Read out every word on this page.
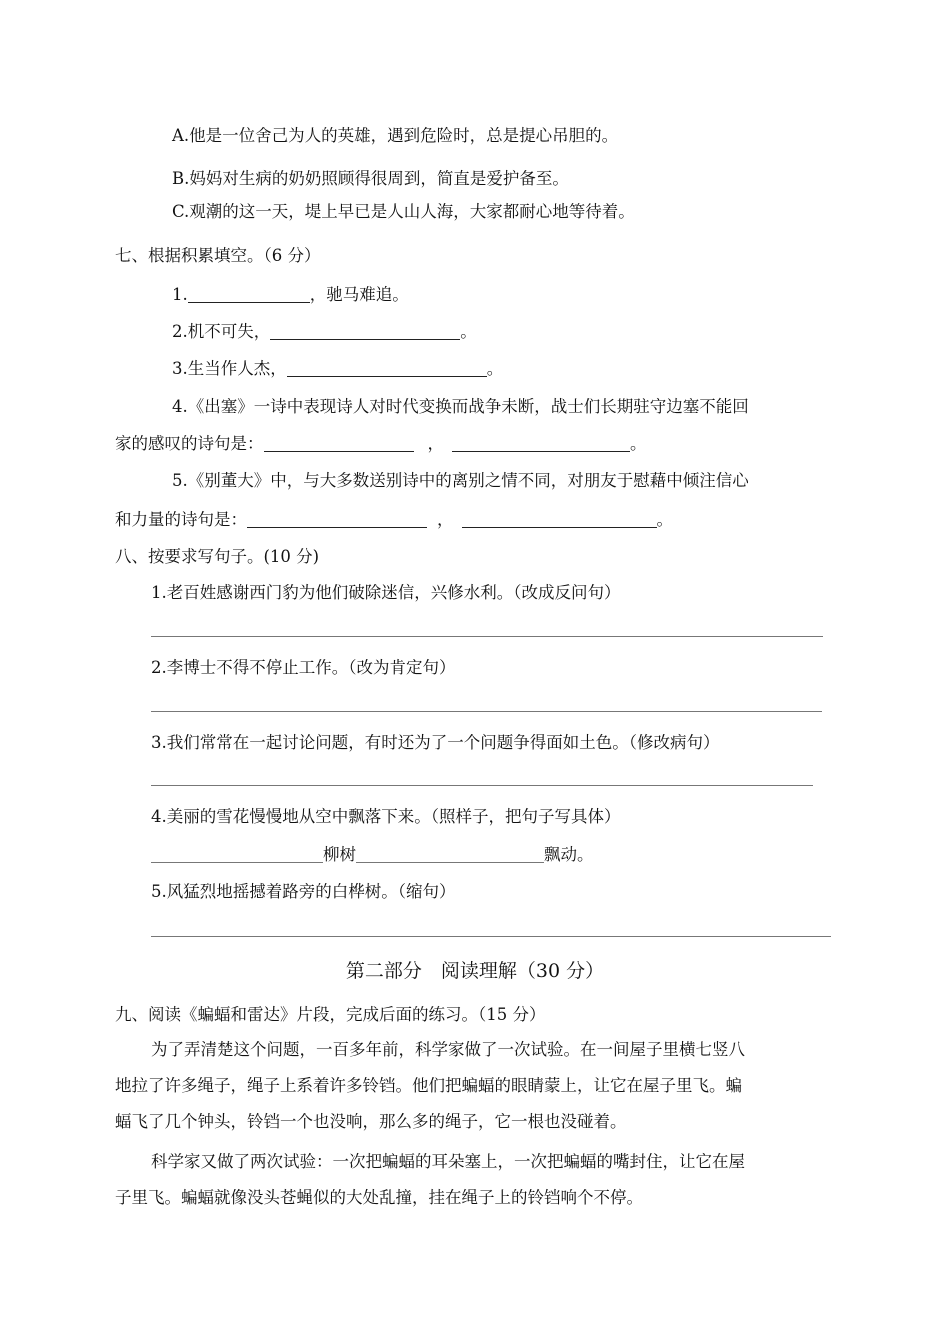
A.他是一位舍己为人的英雄，遇到危险时，总是提心吊胆的。
B.妈妈对生病的奶奶照顾得很周到，简直是爱护备至。
C.观潮的这一天，堤上早已是人山人海，大家都耐心地等待着。
七、根据积累填空。（6 分）
1.	，驰马难追。
2.机不可失，	。
3.生当作人杰，	。
4.《出塞》一诗中表现诗人对时代变换而战争未断，战士们长期驻守边塞不能回
家的感叹的诗句是：	，	。
5.《别董大》中，与大多数送别诗中的离别之情不同，对朋友于慰藉中倾注信心
和力量的诗句是：	，	。
八、按要求写句子。(10 分)
1.老百姓感谢西门豹为他们破除迷信，兴修水利。（改成反问句）
2.李博士不得不停止工作。（改为肯定句）
3.我们常常在一起讨论问题，有时还为了一个问题争得面如土色。（修改病句）
4.美丽的雪花慢慢地从空中飘落下来。（照样子，把句子写具体）
柳树	飘动。
5.风猛烈地摇撼着路旁的白桦树。（缩句）
第二部分　阅读理解（30 分）
九、阅读《蝙蝠和雷达》片段，完成后面的练习。（15 分）
为了弄清楚这个问题，一百多年前，科学家做了一次试验。在一间屋子里横七竖八
地拉了许多绳子，绳子上系着许多铃铛。他们把蝙蝠的眼睛蒙上，让它在屋子里飞。蝙
蝠飞了几个钟头，铃铛一个也没响，那么多的绳子，它一根也没碰着。
科学家又做了两次试验：一次把蝙蝠的耳朵塞上，一次把蝙蝠的嘴封住，让它在屋
子里飞。蝙蝠就像没头苍蝇似的大处乱撞，挂在绳子上的铃铛响个不停。
